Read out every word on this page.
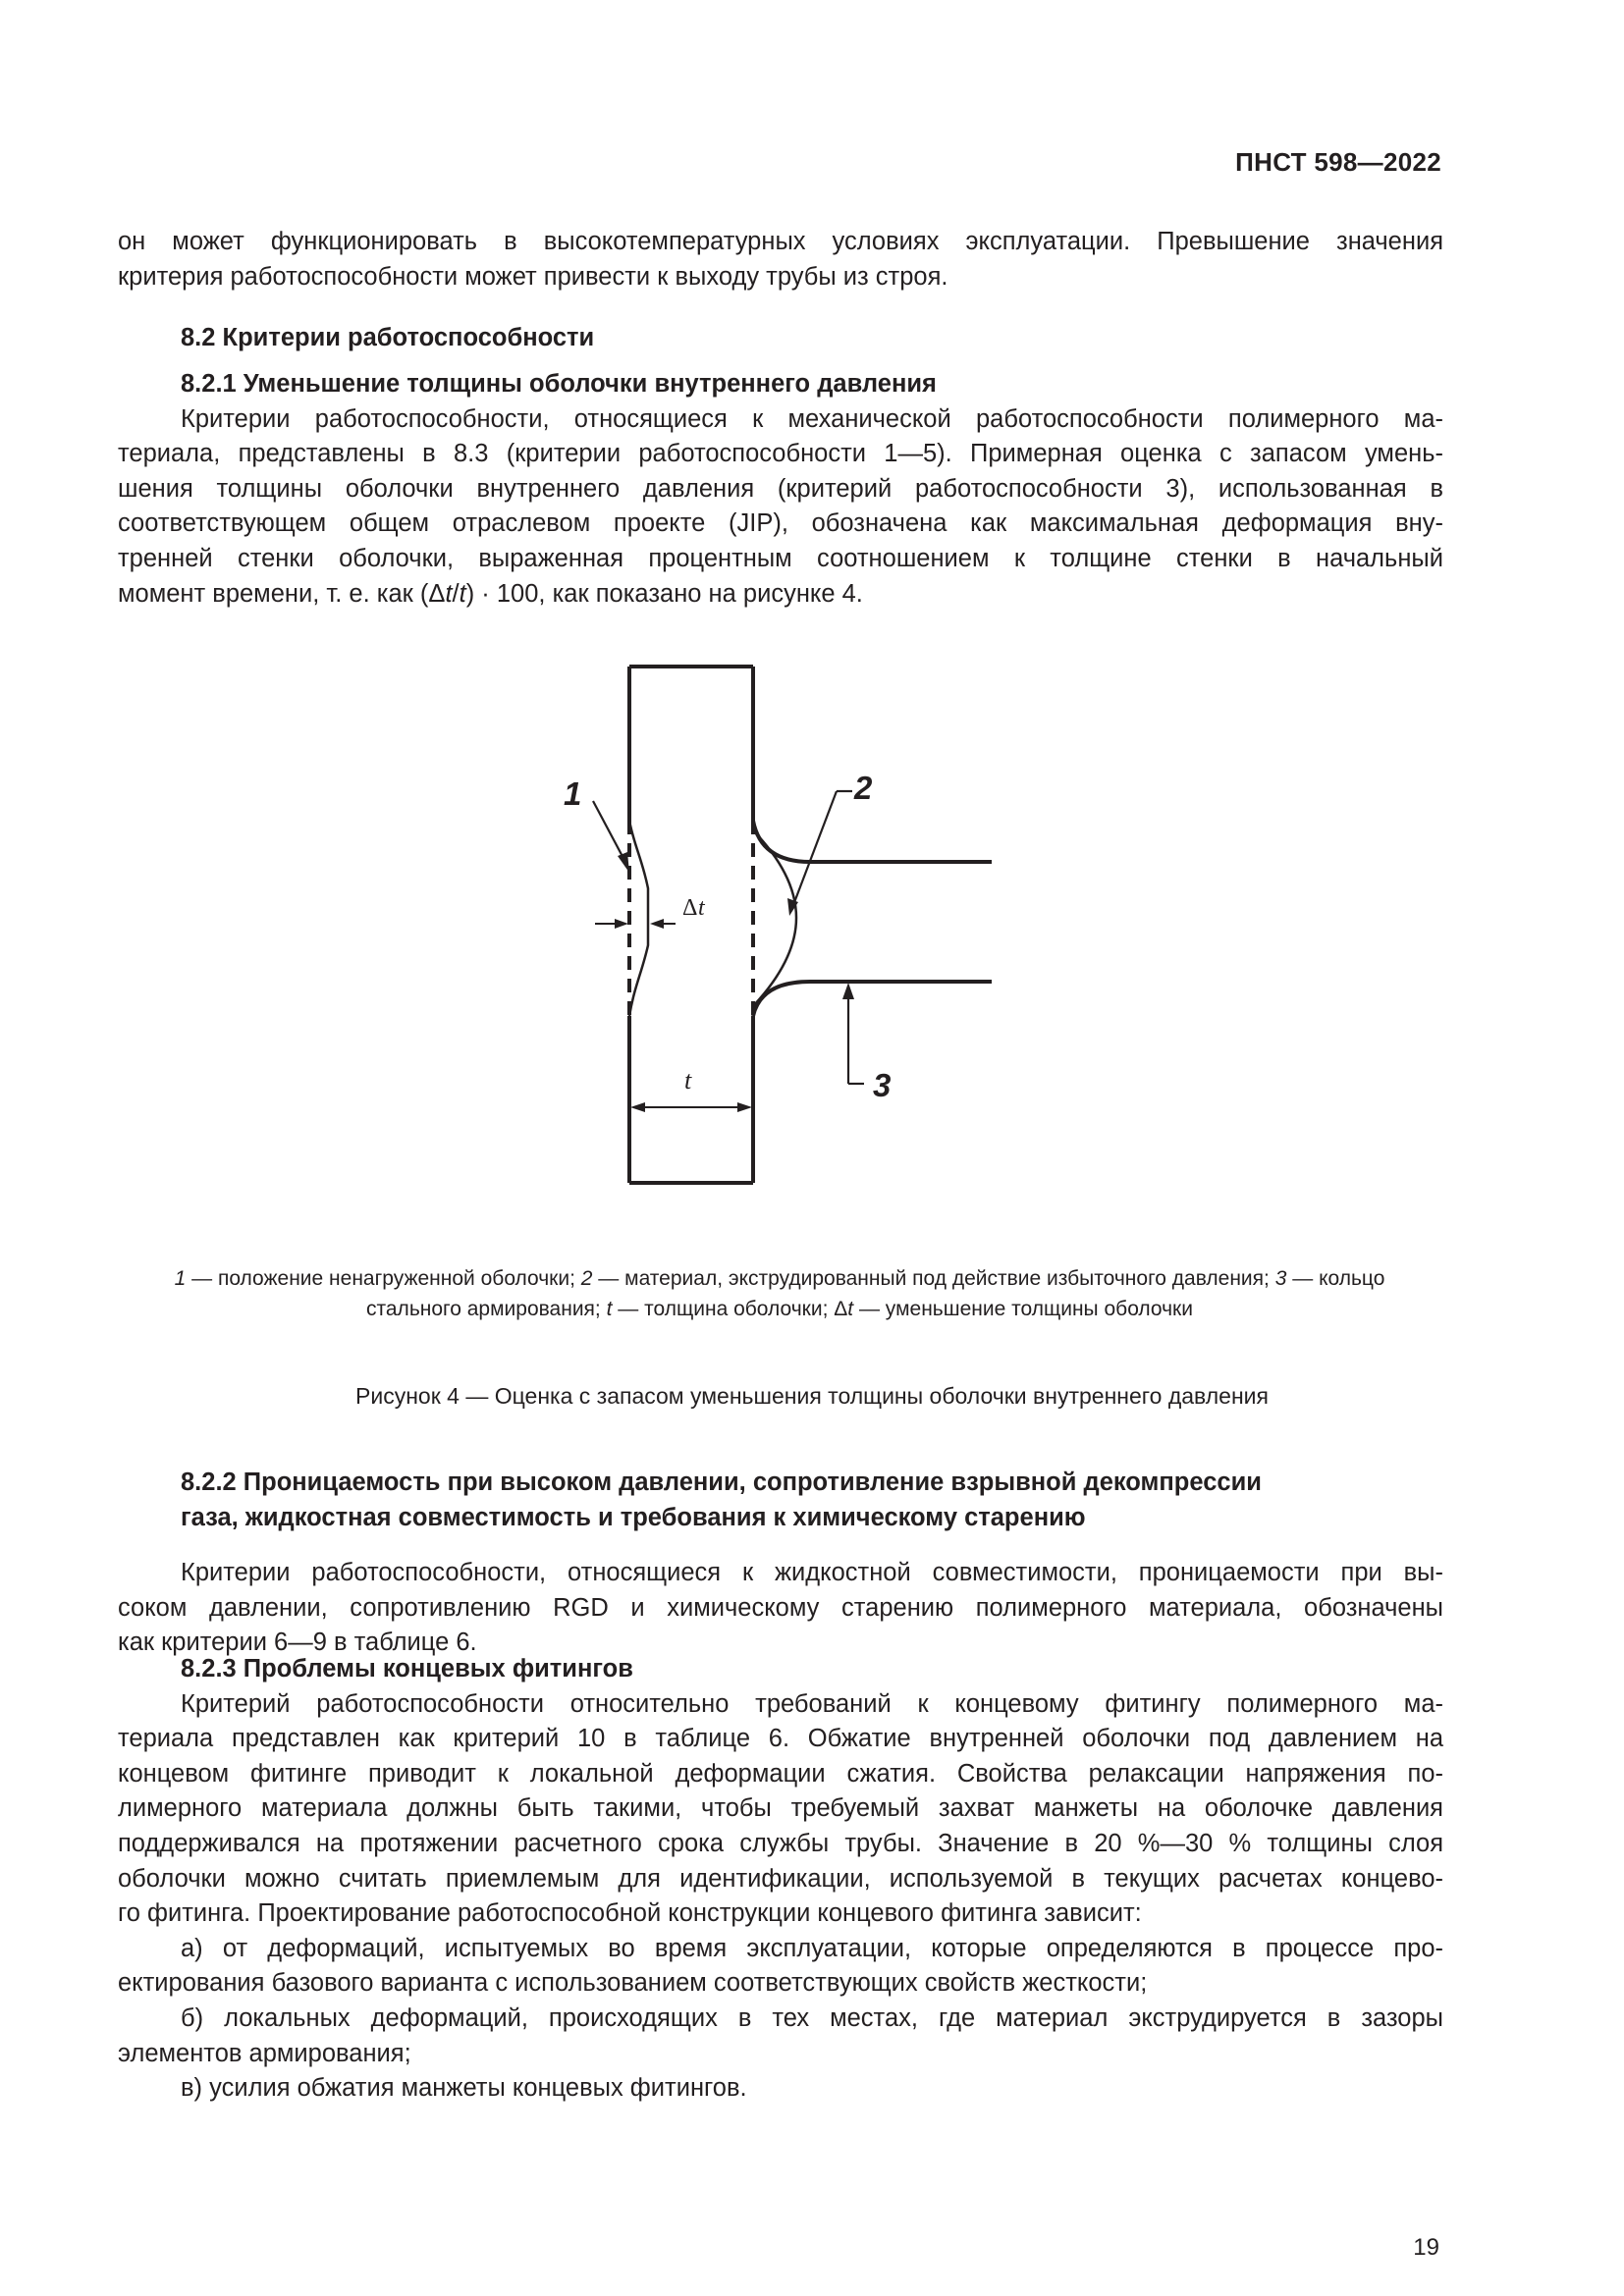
ПНСТ 598—2022
он может функционировать в высокотемпературных условиях эксплуатации. Превышение значения
критерия работоспособности может привести к выходу трубы из строя.

8.2 Критерии работоспособности

8.2.1 Уменьшение толщины оболочки внутреннего давления

Критерии работоспособности, относящиеся к механической работоспособности полимерного ма-
териала, представлены в 8.3 (критерии работоспособности 1—5). Примерная оценка с запасом умень-
шения толщины оболочки внутреннего давления (критерий работоспособности 3), использованная в
соответствующем общем отраслевом проекте (JIP), обозначена как максимальная деформация вну-
тренней стенки оболочки, выраженная процентным соотношением к толщине стенки в начальный
момент времени, т. е. как (Δt/t) · 100, как показано на рисунке 4.
1	2
3
t
Δ t
1 — положение ненагруженной оболочки; 2 — материал, экструдированный под действие избыточного давления; 3 — кольцо
стального армирования; t — толщина оболочки; Δt — уменьшение толщины оболочки
Рисунок 4 — Оценка с запасом уменьшения толщины оболочки внутреннего давления

8.2.2 Проницаемость при высоком давлении, сопротивление взрывной декомпрессии

газа, жидкостная совместимость и требования к химическому старению

Критерии работоспособности, относящиеся к жидкостной совместимости, проницаемости при вы-
соком давлении, сопротивлению RGD и химическому старению полимерного материала, обозначены
как критерии 6—9 в таблице 6.

8.2.3 Проблемы концевых фитингов

Критерий работоспособности относительно требований к концевому фитингу полимерного ма-
териала представлен как критерий 10 в таблице 6. Обжатие внутренней оболочки под давлением на
концевом фитинге приводит к локальной деформации сжатия. Свойства релаксации напряжения по-
лимерного материала должны быть такими, чтобы требуемый захват манжеты на оболочке давления
поддерживался на протяжении расчетного срока службы трубы. Значение в 20 %—30 % толщины слоя
оболочки можно считать приемлемым для идентификации, используемой в текущих расчетах концево-
го фитинга. Проектирование работоспособной конструкции концевого фитинга зависит:
а) от деформаций, испытуемых во время эксплуатации, которые определяются в процессе про-
ектирования базового варианта с использованием соответствующих свойств жесткости;
б) локальных деформаций, происходящих в тех местах, где материал экструдируется в зазоры
элементов армирования;
в) усилия обжатия манжеты концевых фитингов.
19
